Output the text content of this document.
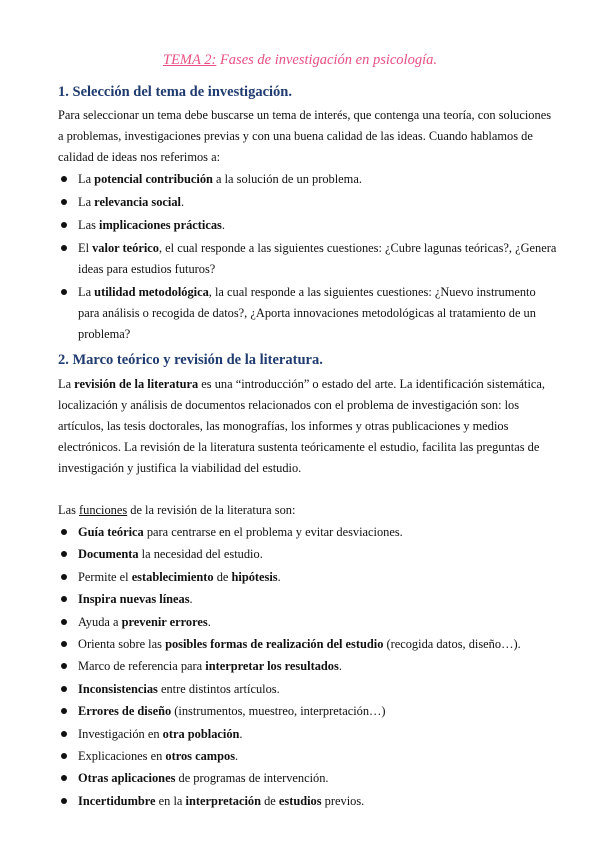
TEMA 2: Fases de investigación en psicología.
1. Selección del tema de investigación.

Para seleccionar un tema debe buscarse un tema de interés, que contenga una teoría, con soluciones a problemas, investigaciones previas y con una buena calidad de las ideas. Cuando hablamos de calidad de ideas nos referimos a:

La potencial contribución a la solución de un problema.
La relevancia social.
Las implicaciones prácticas.
El valor teórico, el cual responde a las siguientes cuestiones: ¿Cubre lagunas teóricas?, ¿Genera ideas para estudios futuros?
La utilidad metodológica, la cual responde a las siguientes cuestiones: ¿Nuevo instrumento para análisis o recogida de datos?, ¿Aporta innovaciones metodológicas al tratamiento de un problema?
2. Marco teórico y revisión de la literatura.

La revisión de la literatura es una “introducción” o estado del arte. La identificación sistemática, localización y análisis de documentos relacionados con el problema de investigación son: los artículos, las tesis doctorales, las monografías, los informes y otras publicaciones y medios electrónicos. La revisión de la literatura sustenta teóricamente el estudio, facilita las preguntas de investigación y justifica la viabilidad del estudio.

Las funciones de la revisión de la literatura son:

Guía teórica para centrarse en el problema y evitar desviaciones.
Documenta la necesidad del estudio.
Permite el establecimiento de hipótesis.
Inspira nuevas líneas.
Ayuda a prevenir errores.
Orienta sobre las posibles formas de realización del estudio (recogida datos, diseño…).
Marco de referencia para interpretar los resultados.
Inconsistencias entre distintos artículos.
Errores de diseño (instrumentos, muestreo, interpretación…)
Investigación en otra población.
Explicaciones en otros campos.
Otras aplicaciones de programas de intervención.
Incertidumbre en la interpretación de estudios previos.
